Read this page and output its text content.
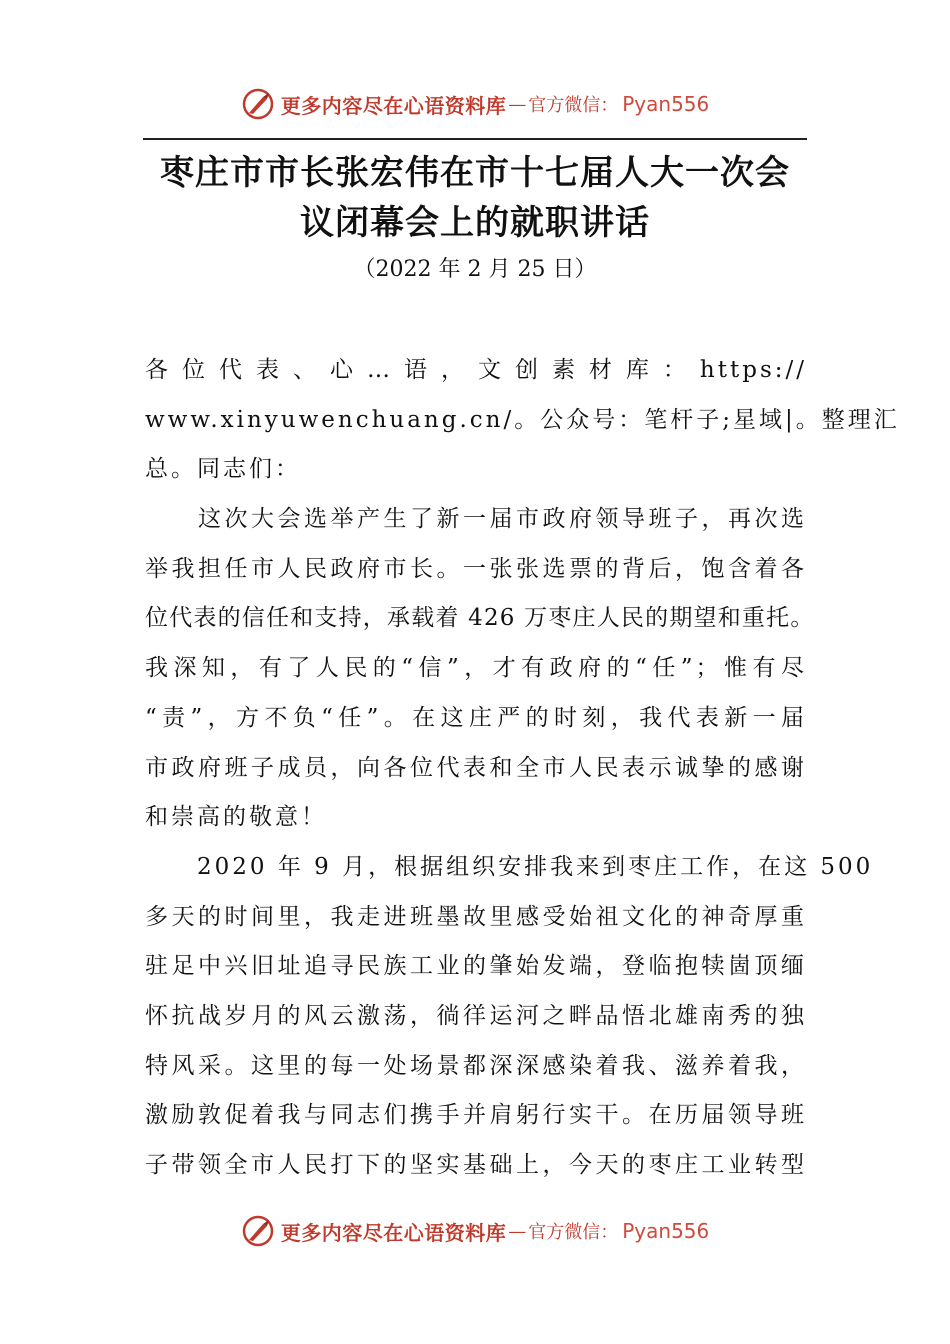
更多内容尽在心语资料库 — 官方微信： Pyan556
枣庄市市长张宏伟在市十七届人大一次会
议闭幕会上的就职讲话
（2022 年 2 月 25 日）
各位代表、心…语，文创素材库：https://
www.xinyuwenchuang.cn/。公众号：笔杆子;星域|。整理汇
总。同志们：
　　这次大会选举产生了新一届市政府领导班子，再次选
举我担任市人民政府市长。一张张选票的背后，饱含着各
位代表的信任和支持，承载着 426 万枣庄人民的期望和重托。
我深知，有了人民的“信”，才有政府的“任”；惟有尽
“责”，方不负“任”。在这庄严的时刻，我代表新一届
市政府班子成员，向各位代表和全市人民表示诚挚的感谢
和崇高的敬意！
　　2020 年 9 月，根据组织安排我来到枣庄工作，在这 500
多天的时间里，我走进班墨故里感受始祖文化的神奇厚重
驻足中兴旧址追寻民族工业的肇始发端，登临抱犊崮顶缅
怀抗战岁月的风云激荡，徜徉运河之畔品悟北雄南秀的独
特风采。这里的每一处场景都深深感染着我、滋养着我，
激励敦促着我与同志们携手并肩躬行实干。在历届领导班
子带领全市人民打下的坚实基础上，今天的枣庄工业转型
更多内容尽在心语资料库 — 官方微信： Pyan556
